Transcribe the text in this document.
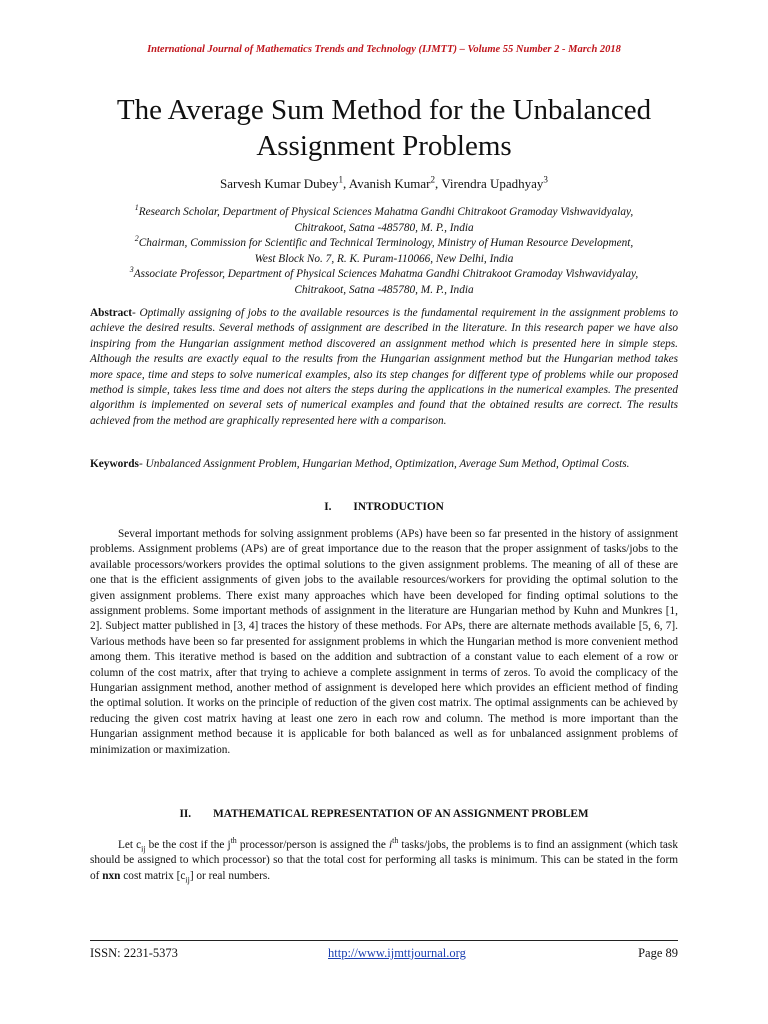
International Journal of Mathematics Trends and Technology (IJMTT) – Volume 55 Number 2 - March 2018
The Average Sum Method for the Unbalanced
Assignment Problems
Sarvesh Kumar Dubey$^1$, Avanish Kumar$^2$, Virendra Upadhyay$^3$
$^1$Research Scholar, Department of Physical Sciences Mahatma Gandhi Chitrakoot Gramoday Vishwavidyalay,
Chitrakoot, Satna -485780, M. P., India
$^2$Chairman, Commission for Scientific and Technical Terminology, Ministry of Human Resource Development,
West Block No. 7, R. K. Puram-110066, New Delhi, India
$^3$Associate Professor, Department of Physical Sciences Mahatma Gandhi Chitrakoot Gramoday Vishwavidyalay,
Chitrakoot, Satna -485780, M. P., India

Abstract- Optimally assigning of jobs to the available resources is the fundamental requirement in the assignment problems to achieve the desired results. Several methods of assignment are described in the literature. In this research paper we have also inspiring from the Hungarian assignment method discovered an assignment method which is presented here in simple steps. Although the results are exactly equal to the results from the Hungarian assignment method but the Hungarian method takes more space, time and steps to solve numerical examples, also its step changes for different type of problems while our proposed method is simple, takes less time and does not alters the steps during the applications in the numerical examples. The presented algorithm is implemented on several sets of numerical examples and found that the obtained results are correct. The results achieved from the method are graphically represented here with a comparison.

Keywords- Unbalanced Assignment Problem, Hungarian Method, Optimization, Average Sum Method, Optimal Costs.

I. INTRODUCTION

Several important methods for solving assignment problems (APs) have been so far presented in the history of assignment problems. Assignment problems (APs) are of great importance due to the reason that the proper assignment of tasks/jobs to the available processors/workers provides the optimal solutions to the given assignment problems. The meaning of all of these are one that is the efficient assignments of given jobs to the available resources/workers for providing the optimal solution to the given assignment problems. There exist many approaches which have been developed for finding optimal solutions to the assignment problems. Some important methods of assignment in the literature are Hungarian method by Kuhn and Munkres [1, 2]. Subject matter published in [3, 4] traces the history of these methods. For APs, there are alternate methods available [5, 6, 7]. Various methods have been so far presented for assignment problems in which the Hungarian method is more convenient method among them. This iterative method is based on the addition and subtraction of a constant value to each element of a row or column of the cost matrix, after that trying to achieve a complete assignment in terms of zeros. To avoid the complicacy of the Hungarian assignment method, another method of assignment is developed here which provides an efficient method of finding the optimal solution. It works on the principle of reduction of the given cost matrix. The optimal assignments can be achieved by reducing the given cost matrix having at least one zero in each row and column. The method is more important than the Hungarian assignment method because it is applicable for both balanced as well as for unbalanced assignment problems of minimization or maximization.

II. MATHEMATICAL REPRESENTATION OF AN ASSIGNMENT PROBLEM

Let $c_{ij}$ be the cost if the $j^{th}$ processor/person is assigned the $i^{th}$ tasks/jobs, the problems is to find an assignment (which task should be assigned to which processor) so that the total cost for performing all tasks is minimum. This can be stated in the form of nxn cost matrix $[c_{ij}]$ or real numbers.

ISSN: 2231-5373	http://www.ijmttjournal.org	Page 89
